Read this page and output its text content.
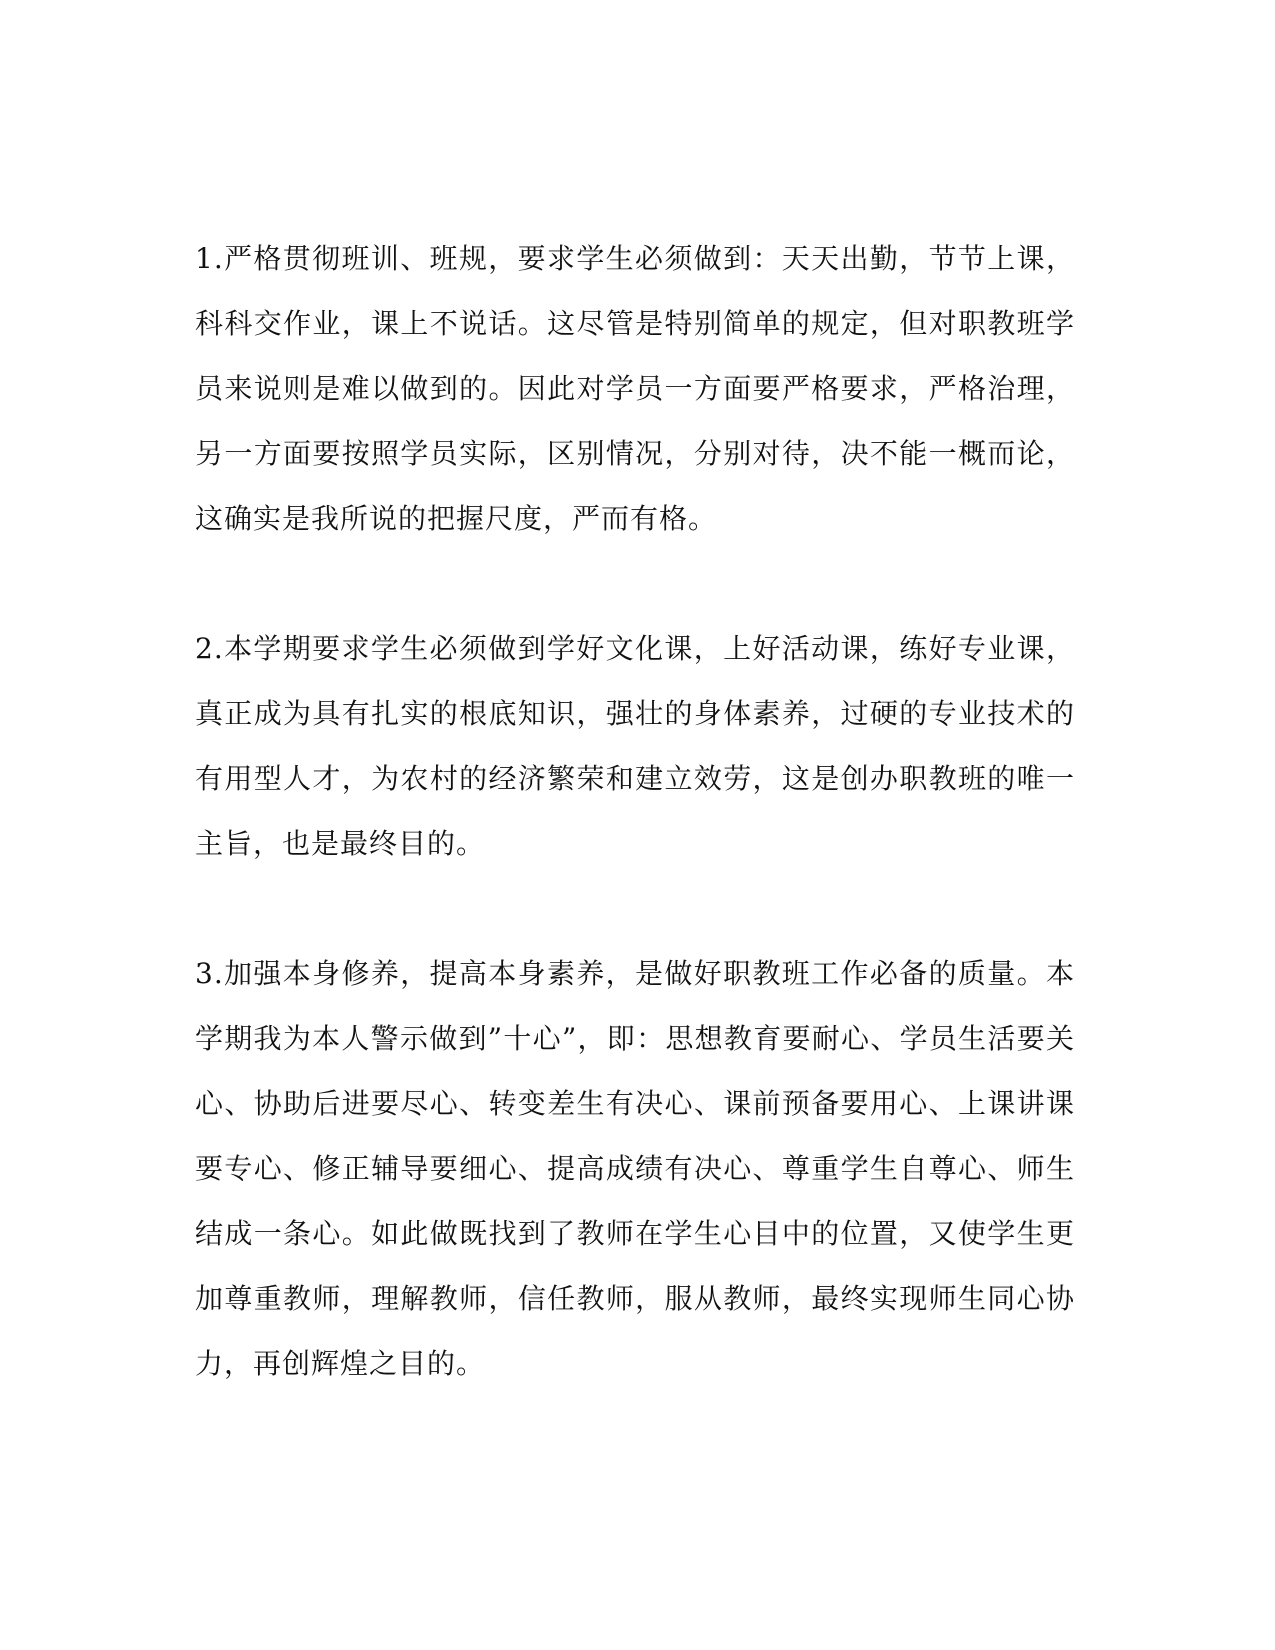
1.严格贯彻班训、班规，要求学生必须做到：天天出勤，节节上课，科科交作业，课上不说话。这尽管是特别简单的规定，但对职教班学员来说则是难以做到的。因此对学员一方面要严格要求，严格治理，另一方面要按照学员实际，区别情况，分别对待，决不能一概而论，这确实是我所说的把握尺度，严而有格。

2.本学期要求学生必须做到学好文化课，上好活动课，练好专业课，真正成为具有扎实的根底知识，强壮的身体素养，过硬的专业技术的有用型人才，为农村的经济繁荣和建立效劳，这是创办职教班的唯一主旨，也是最终目的。

3.加强本身修养，提高本身素养，是做好职教班工作必备的质量。本学期我为本人警示做到”十心”，即：思想教育要耐心、学员生活要关心、协助后进要尽心、转变差生有决心、课前预备要用心、上课讲课要专心、修正辅导要细心、提高成绩有决心、尊重学生自尊心、师生结成一条心。如此做既找到了教师在学生心目中的位置，又使学生更加尊重教师，理解教师，信任教师，服从教师，最终实现师生同心协力，再创辉煌之目的。
